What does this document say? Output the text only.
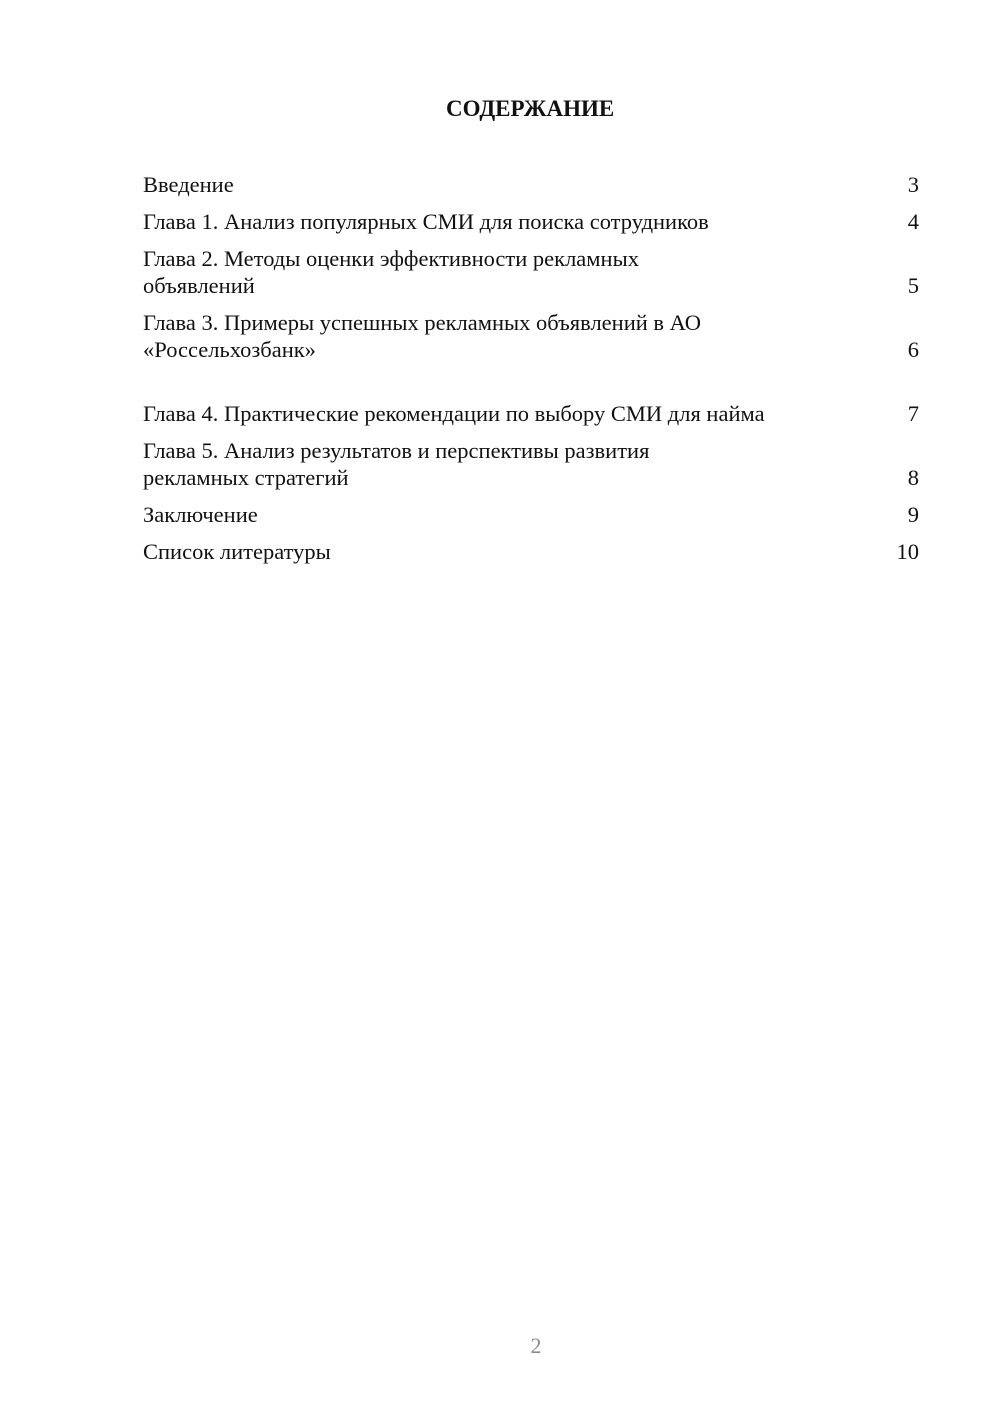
СОДЕРЖАНИЕ
Введение	3
Глава 1. Анализ популярных СМИ для поиска сотрудников	4
Глава 2. Методы оценки эффективности рекламных объявлений	5
Глава 3. Примеры успешных рекламных объявлений в АО «Россельхозбанк»	6
Глава 4. Практические рекомендации по выбору СМИ для найма	7
Глава 5. Анализ результатов и перспективы развития рекламных стратегий	8
Заключение	9
Список литературы	10
2
